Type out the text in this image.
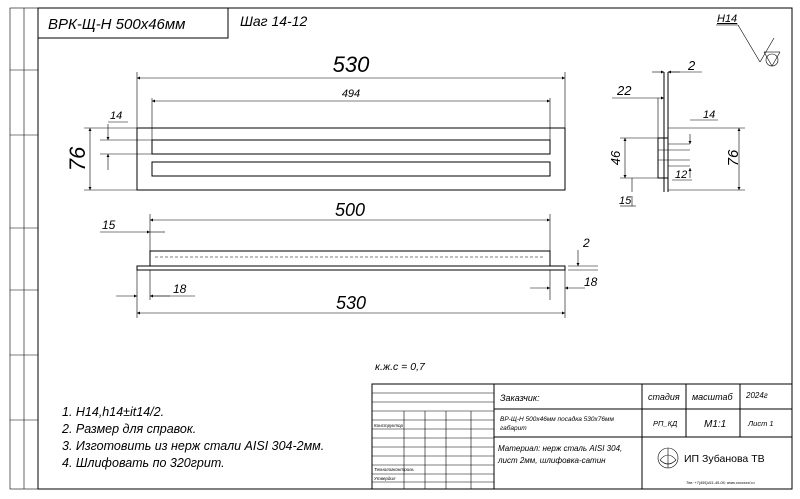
ВРК-Щ-Н 500x46мм	Шаг 14-12	H14
530
494
14
76
2
22
14
46
12
15
76
500
15
2
18	18
530
к.ж.с = 0,7
Конструктор
Технологконтроль
Утвердил
Заказчик:	стадия масштаб 2024г
ВР-Щ-Н 500x46мм посадка 530x76мм
габарит
РП_КД	М1:1	Лист 1
Материал: нерж сталь AISI 304,
лист 2мм, шлифовка-сатин	ИП Зубанова ТВ
Тел: +7(495)411-45-06; www.voxxxxxl.ru
1. H14,h14±it14/2.
2. Размер для справок.
3. Изготовить из нерж стали AISI 304-2мм.
4. Шлифовать по 320грит.
